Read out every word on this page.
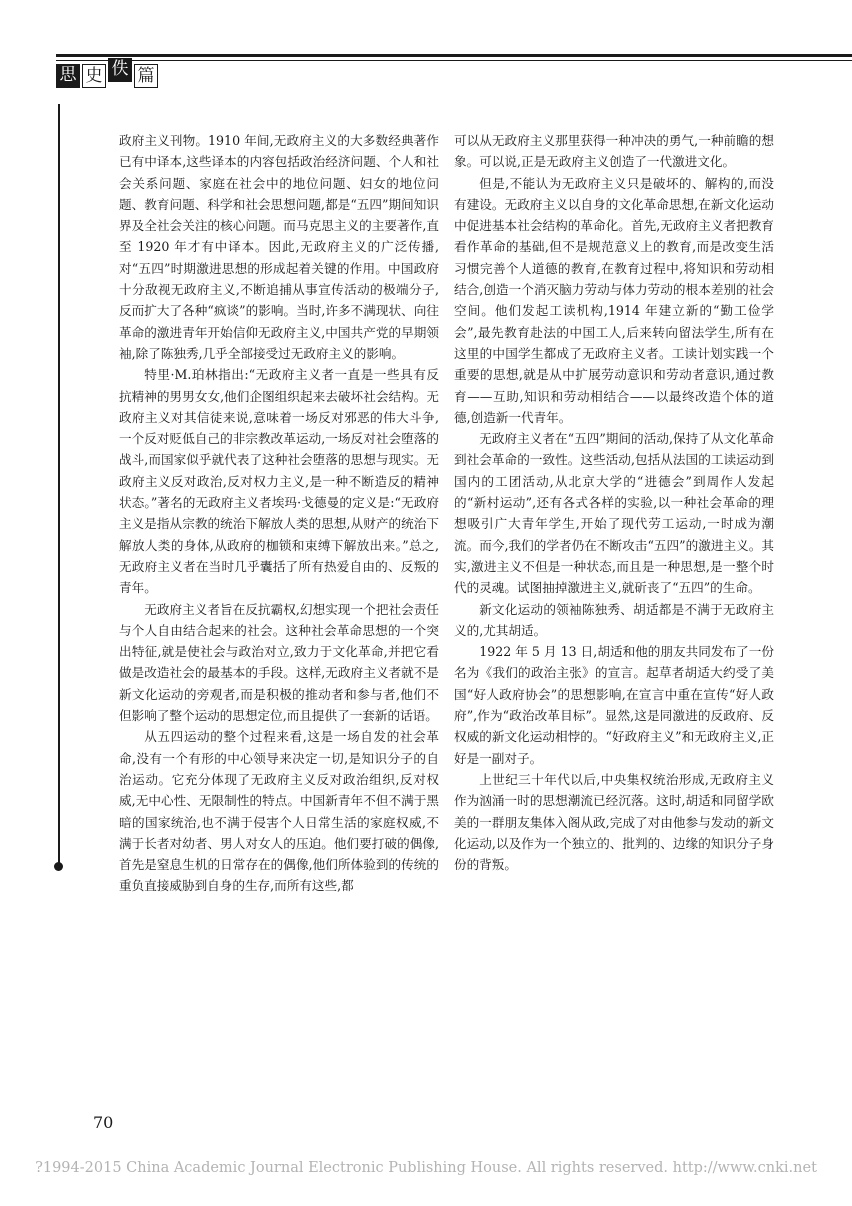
思 史 佚 篇

政府主义刊物。1910 年间,无政府主义的大多数经典著作已有中译本,这些译本的内容包括政治经济问题、个人和社会关系问题、家庭在社会中的地位问题、妇女的地位问题、教育问题、科学和社会思想问题,都是“五四”期间知识界及全社会关注的核心问题。而马克思主义的主要著作,直至 1920 年才有中译本。因此,无政府主义的广泛传播,对“五四”时期激进思想的形成起着关键的作用。中国政府十分敌视无政府主义,不断追捕从事宣传活动的极端分子,反而扩大了各种“疯谈”的影响。当时,许多不满现状、向往革命的激进青年开始信仰无政府主义,中国共产党的早期领袖,除了陈独秀,几乎全部接受过无政府主义的影响。

特里·M.珀林指出:“无政府主义者一直是一些具有反抗精神的男男女女,他们企图组织起来去破坏社会结构。无政府主义对其信徒来说,意味着一场反对邪恶的伟大斗争,一个反对贬低自己的非宗教改革运动,一场反对社会堕落的战斗,而国家似乎就代表了这种社会堕落的思想与现实。无政府主义反对政治,反对权力主义,是一种不断造反的精神状态。”著名的无政府主义者埃玛·戈德曼的定义是:“无政府主义是指从宗教的统治下解放人类的思想,从财产的统治下解放人类的身体,从政府的枷锁和束缚下解放出来。”总之,无政府主义者在当时几乎囊括了所有热爱自由的、反叛的青年。

无政府主义者旨在反抗霸权,幻想实现一个把社会责任与个人自由结合起来的社会。这种社会革命思想的一个突出特征,就是使社会与政治对立,致力于文化革命,并把它看做是改造社会的最基本的手段。这样,无政府主义者就不是新文化运动的旁观者,而是积极的推动者和参与者,他们不但影响了整个运动的思想定位,而且提供了一套新的话语。

从五四运动的整个过程来看,这是一场自发的社会革命,没有一个有形的中心领导来决定一切,是知识分子的自治运动。它充分体现了无政府主义反对政治组织,反对权威,无中心性、无限制性的特点。中国新青年不但不满于黑暗的国家统治,也不满于侵害个人日常生活的家庭权威,不满于长者对幼者、男人对女人的压迫。他们要打破的偶像,首先是窒息生机的日常存在的偶像,他们所体验到的传统的重负直接威胁到自身的生存,而所有这些,都

可以从无政府主义那里获得一种冲决的勇气,一种前瞻的想象。可以说,正是无政府主义创造了一代激进文化。

但是,不能认为无政府主义只是破坏的、解构的,而没有建设。无政府主义以自身的文化革命思想,在新文化运动中促进基本社会结构的革命化。首先,无政府主义者把教育看作革命的基础,但不是规范意义上的教育,而是改变生活习惯完善个人道德的教育,在教育过程中,将知识和劳动相结合,创造一个消灭脑力劳动与体力劳动的根本差别的社会空间。他们发起工读机构,1914 年建立新的“勤工俭学会”,最先教育赴法的中国工人,后来转向留法学生,所有在这里的中国学生都成了无政府主义者。工读计划实践一个重要的思想,就是从中扩展劳动意识和劳动者意识,通过教育——互助,知识和劳动相结合——以最终改造个体的道德,创造新一代青年。

无政府主义者在“五四”期间的活动,保持了从文化革命到社会革命的一致性。这些活动,包括从法国的工读运动到国内的工团活动,从北京大学的“进德会”到周作人发起的“新村运动”,还有各式各样的实验,以一种社会革命的理想吸引广大青年学生,开始了现代劳工运动,一时成为潮流。而今,我们的学者仍在不断攻击“五四”的激进主义。其实,激进主义不但是一种状态,而且是一种思想,是一整个时代的灵魂。试图抽掉激进主义,就斫丧了“五四”的生命。

新文化运动的领袖陈独秀、胡适都是不满于无政府主义的,尤其胡适。

1922 年 5 月 13 日,胡适和他的朋友共同发布了一份名为《我们的政治主张》的宣言。起草者胡适大约受了美国“好人政府协会”的思想影响,在宣言中重在宣传“好人政府”,作为“政治改革目标”。显然,这是同激进的反政府、反权威的新文化运动相悖的。“好政府主义”和无政府主义,正好是一副对子。

上世纪三十年代以后,中央集权统治形成,无政府主义作为汹涌一时的思想潮流已经沉落。这时,胡适和同留学欧美的一群朋友集体入阁从政,完成了对由他参与发动的新文化运动,以及作为一个独立的、批判的、边缘的知识分子身份的背叛。

70
?1994-2015 China Academic Journal Electronic Publishing House. All rights reserved. http://www.cnki.net
